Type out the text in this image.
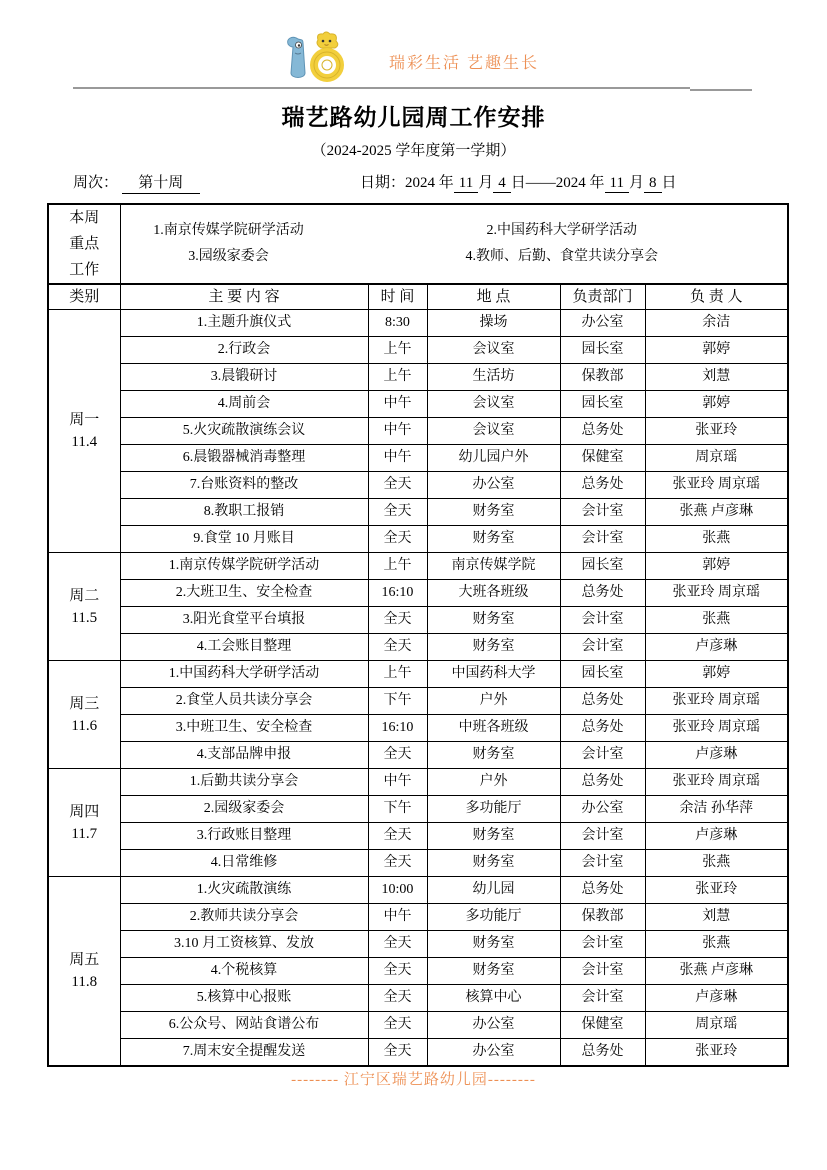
瑞彩生活 艺趣生长
瑞艺路幼儿园周工作安排
（2024-2025 学年度第一学期）
周次： 第十周	日期：2024 年 11 月 4 日——2024 年 11 月 8 日
本周
重点
工作

1.南京传媒学院研学活动	2.中国药科大学研学活动
3.园级家委会	4.教师、后勤、食堂共读分享会

类别	主 要 内 容	时 间	地 点	负责部门	负 责 人

周一
11.4	1.主题升旗仪式	8:30	操场	办公室	余洁
	2.行政会	上午	会议室	园长室	郭婷
	3.晨锻研讨	上午	生活坊	保教部	刘慧
	4.周前会	中午	会议室	园长室	郭婷
	5.火灾疏散演练会议	中午	会议室	总务处	张亚玲
	6.晨锻器械消毒整理	中午	幼儿园户外	保健室	周京瑶
	7.台账资料的整改	全天	办公室	总务处	张亚玲 周京瑶
	8.教职工报销	全天	财务室	会计室	张燕 卢彦琳
	9.食堂 10 月账目	全天	财务室	会计室	张燕

周二
11.5	1.南京传媒学院研学活动	上午	南京传媒学院	园长室	郭婷
	2.大班卫生、安全检查	16:10	大班各班级	总务处	张亚玲 周京瑶
	3.阳光食堂平台填报	全天	财务室	会计室	张燕
	4.工会账目整理	全天	财务室	会计室	卢彦琳

周三
11.6	1.中国药科大学研学活动	上午	中国药科大学	园长室	郭婷
	2.食堂人员共读分享会	下午	户外	总务处	张亚玲 周京瑶
	3.中班卫生、安全检查	16:10	中班各班级	总务处	张亚玲 周京瑶
	4.支部品牌申报	全天	财务室	会计室	卢彦琳

周四
11.7	1.后勤共读分享会	中午	户外	总务处	张亚玲 周京瑶
	2.园级家委会	下午	多功能厅	办公室	余洁 孙华萍
	3.行政账目整理	全天	财务室	会计室	卢彦琳
	4.日常维修	全天	财务室	会计室	张燕

周五
11.8	1.火灾疏散演练	10:00	幼儿园	总务处	张亚玲
	2.教师共读分享会	中午	多功能厅	保教部	刘慧
	3.10 月工资核算、发放	全天	财务室	会计室	张燕
	4.个税核算	全天	财务室	会计室	张燕 卢彦琳
	5.核算中心报账	全天	核算中心	会计室	卢彦琳
	6.公众号、网站食谱公布	全天	办公室	保健室	周京瑶
	7.周末安全提醒发送	全天	办公室	总务处	张亚玲
-------- 江宁区瑞艺路幼儿园--------
